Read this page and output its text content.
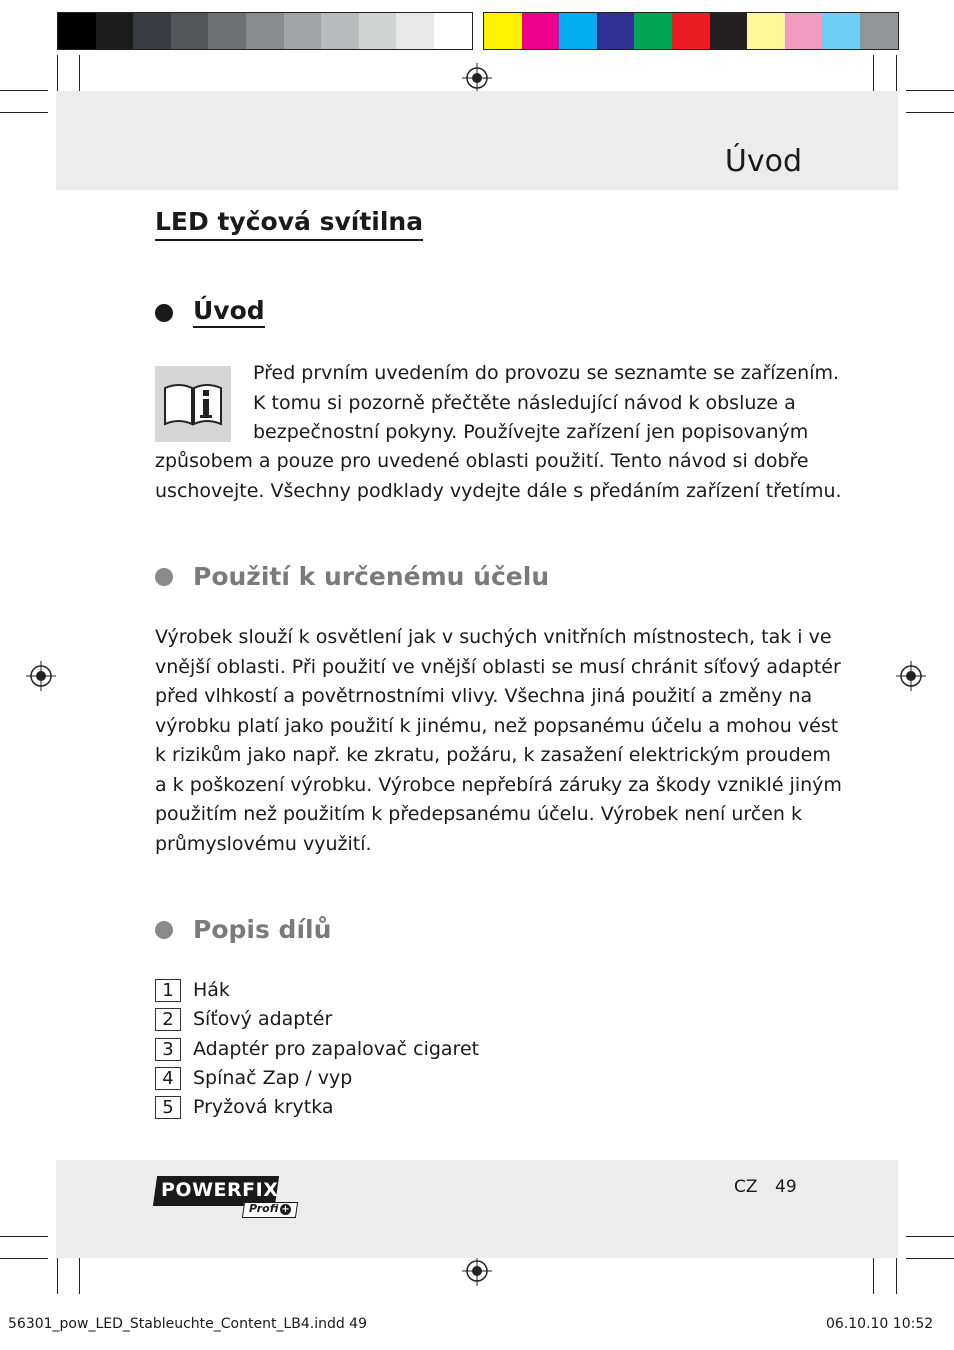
Úvod
LED tyčová svítilna
Úvod
Před prvním uvedením do provozu se seznamte se zařízením.
K tomu si pozorně přečtěte následující návod k obsluze a
bezpečnostní pokyny. Používejte zařízení jen popisovaným
způsobem a pouze pro uvedené oblasti použití. Tento návod si dobře
uschovejte. Všechny podklady vydejte dále s předáním zařízení třetímu.
Použití k určenému účelu
Výrobek slouží k osvětlení jak v suchých vnitřních místnostech, tak i ve
vnější oblasti. Při použití ve vnější oblasti se musí chránit síťový adaptér
před vlhkostí a povětrnostními vlivy. Všechna jiná použití a změny na
výrobku platí jako použití k jinému, než popsanému účelu a mohou vést
k rizikům jako např. ke zkratu, požáru, k zasažení elektrickým proudem
a k poškození výrobku. Výrobce nepřebírá záruky za škody vzniklé jiným
použitím než použitím k předepsanému účelu. Výrobek není určen k
průmyslovému využití.
Popis dílů
1	Hák
2	Síťový adaptér
3	Adaptér pro zapalovač cigaret
4	Spínač Zap / vyp
5	Pryžová krytka
POWERFIX
Profi +
CZ 49
56301_pow_LED_Stableuchte_Content_LB4.indd 49	06.10.10 10:52
